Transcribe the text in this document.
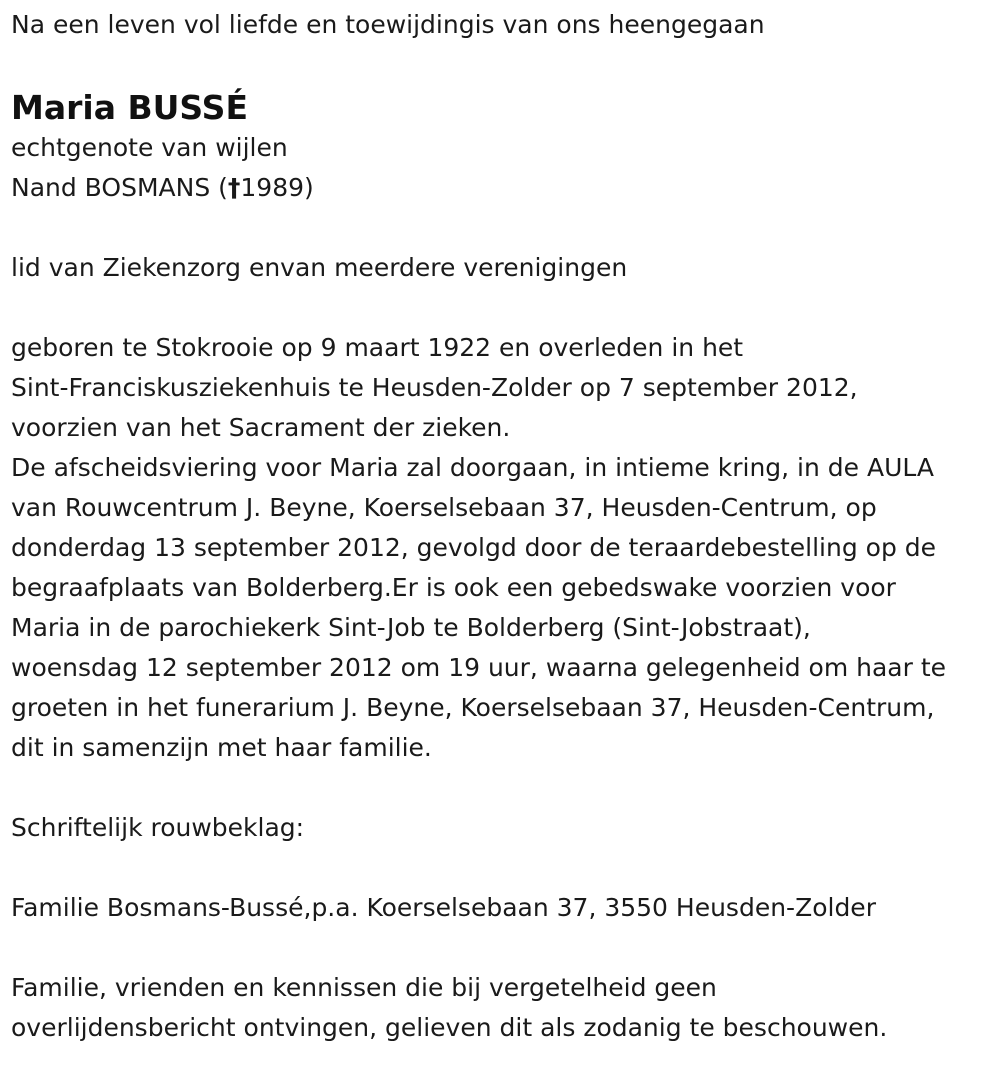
Na een leven vol liefde en toewijdingis van ons heengegaan

Maria BUSSÉ

echtgenote van wijlen

Nand BOSMANS (†1989)

lid van Ziekenzorg envan meerdere verenigingen

geboren te Stokrooie op 9 maart 1922 en overleden in het

Sint-Franciskusziekenhuis te Heusden-Zolder op 7 september 2012,

voorzien van het Sacrament der zieken.

De afscheidsviering voor Maria zal doorgaan, in intieme kring, in de AULA

van Rouwcentrum J. Beyne, Koerselsebaan 37, Heusden-Centrum, op

donderdag 13 september 2012, gevolgd door de teraardebestelling op de

begraafplaats van Bolderberg.Er is ook een gebedswake voorzien voor

Maria in de parochiekerk Sint-Job te Bolderberg (Sint-Jobstraat),

woensdag 12 september 2012 om 19 uur, waarna gelegenheid om haar te

groeten in het funerarium J. Beyne, Koerselsebaan 37, Heusden-Centrum,

dit in samenzijn met haar familie.

Schriftelijk rouwbeklag:

Familie Bosmans-Bussé,p.a. Koerselsebaan 37, 3550 Heusden-Zolder

Familie, vrienden en kennissen die bij vergetelheid geen

overlijdensbericht ontvingen, gelieven dit als zodanig te beschouwen.
